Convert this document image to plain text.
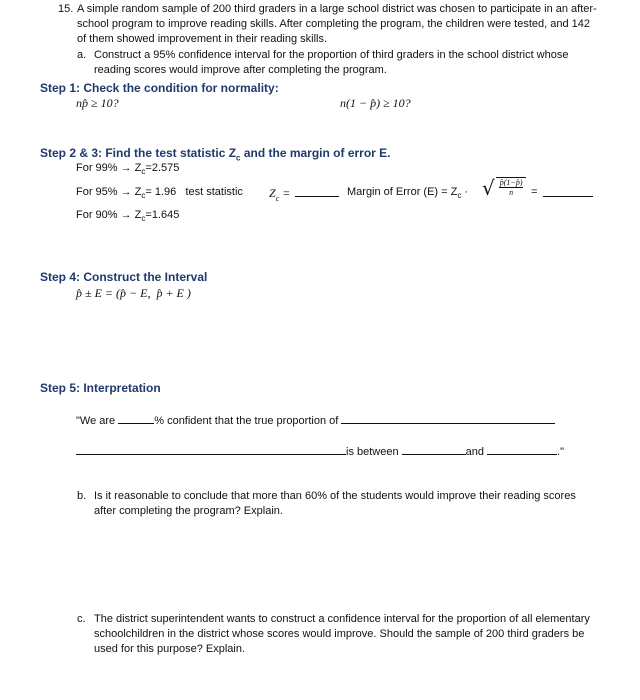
15. A simple random sample of 200 third graders in a large school district was chosen to participate in an after-school program to improve reading skills. After completing the program, the children were tested, and 142 of them showed improvement in their reading skills.
a. Construct a 95% confidence interval for the proportion of third graders in the school district whose reading scores would improve after completing the program.
Step 1: Check the condition for normality:
np̂ ≥ 10?	n(1 − p̂) ≥ 10?
Step 2 & 3: Find the test statistic $Z_c$ and the margin of error E.
For $99\% \to Z_c=2.575$
For $95\% \to Z_c= 1.96$   test statistic $Z_c$ =	Margin of Error $(E) = Z_c$ · √ $\frac{p̂(1-p̂)}{n}$ =
For $90\% \to Z_c=1.645$
Step 4: Construct the Interval
p̂ ± E = (p̂ − E,  p̂ + E )
Step 5: Interpretation
"We are	% confident that the true proportion of
is between	and	."
b. Is it reasonable to conclude that more than 60% of the students would improve their reading scores after completing the program? Explain.
c. The district superintendent wants to construct a confidence interval for the proportion of all elementary schoolchildren in the district whose scores would improve. Should the sample of 200 third graders be used for this purpose? Explain.
